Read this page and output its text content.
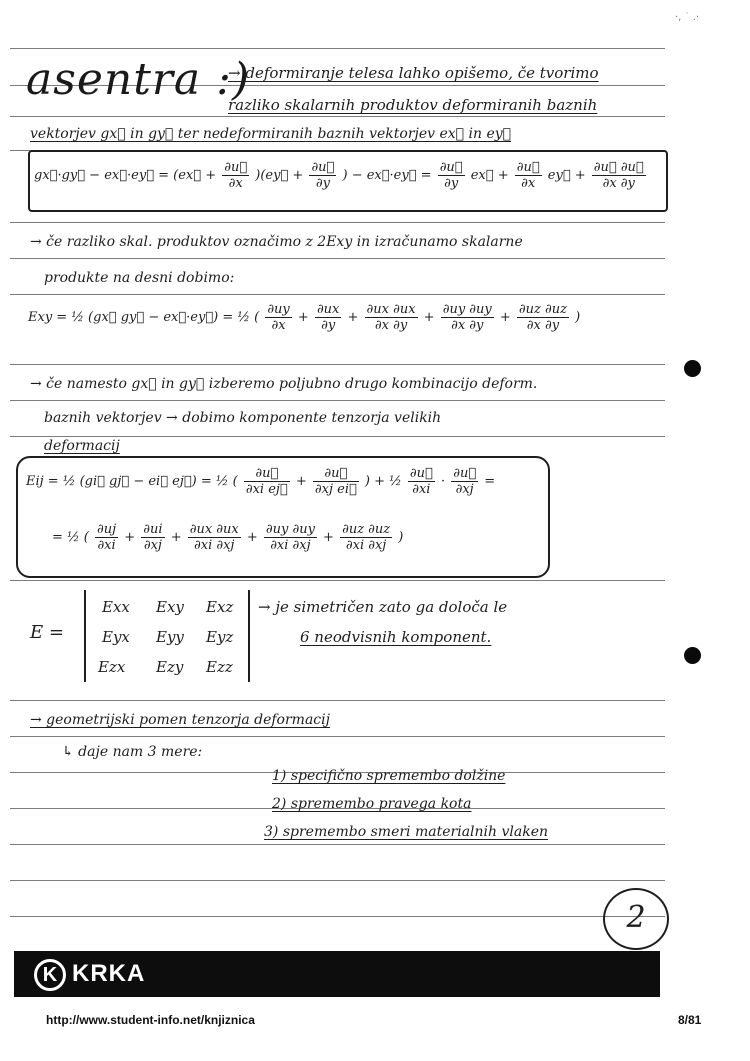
·, ˙ .·
asentra :)
→ deformiranje telesa lahko opišemo, če tvorimo
razliko skalarnih produktov deformiranih baznih
vektorjev gx⃗ in gy⃗ ter nedeformiranih baznih vektorjev ex⃗ in ey⃗
gx⃗·gy⃗ − ex⃗·ey⃗ = (ex⃗ + $\frac{\partial u⃗}{\partial x}$ )(ey⃗ + $\frac{\partial u⃗}{\partial y}$ ) − ex⃗·ey⃗ = $\frac{\partial u⃗}{\partial y}$ ex⃗ + $\frac{\partial u⃗}{\partial x}$ ey⃗ + $\frac{\partial u⃗ \partial u⃗}{\partial x \partial y}$
→ če razliko skal. produktov označimo z 2Exy in izračunamo skalarne
produkte na desni dobimo:
Exy = ½ (gx⃗ gy⃗ − ex⃗·ey⃗) = ½ ( $\frac{\partial uy}{\partial x} + \frac{\partial ux}{\partial y} + \frac{\partial ux \partial ux}{\partial x \partial y} + \frac{\partial uy \partial uy}{\partial x \partial y} + \frac{\partial uz \partial uz}{\partial x \partial y}$ )
→ če namesto gx⃗ in gy⃗ izberemo poljubno drugo kombinacijo deform.
baznih vektorjev → dobimo komponente tenzorja velikih
deformacij
Eij = ½ (gi⃗ gj⃗ − ei⃗ ej⃗) = ½ ( $\frac{\partial u⃗}{\text{∂xi ej⃗}} + \frac{\partial u⃗}{\text{∂xj ei⃗}}$ ) + ½ $\frac{\partial u⃗}{\partial xi} \cdot \frac{\partial u⃗}{\partial xj}$ =
= ½ ( $\frac{\partial uj}{\partial xi} + \frac{\partial ui}{\partial xj} + \frac{\partial ux \partial ux}{\partial xi \partial xj} + \frac{\partial uy \partial uy}{\partial xi \partial xj} + \frac{\partial uz \partial uz}{\partial xi \partial xj}$ )
E =
Exx Exy Exz
Eyx Eyy Eyz
Ezx Ezy Ezz
→ je simetričen zato ga določa le
6 neodvisnih komponent.
→ geometrijski pomen tenzorja deformacij
↳ daje nam 3 mere:
1) specifično spremembo dolžine
2) spremembo pravega kota
3) spremembo smeri materialnih vlaken
2
K KRKA
http://www.student-info.net/knjiznica	8/81
